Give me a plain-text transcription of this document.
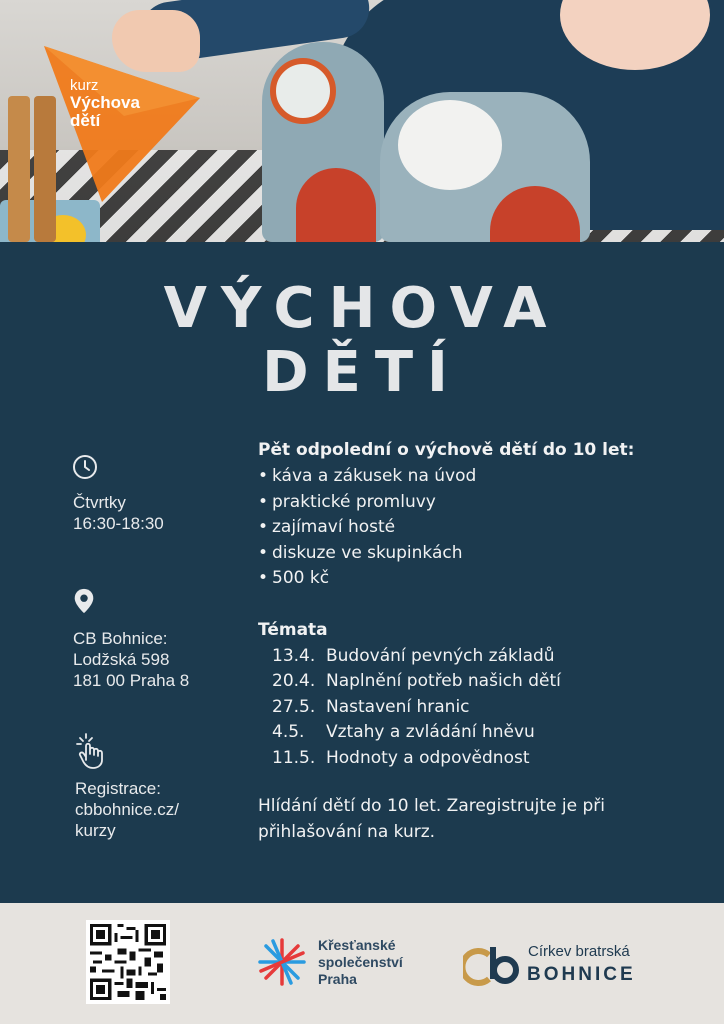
kurz
Výchova
dětí
VÝCHOVA
DĚTÍ
Čtvrtky
16:30-18:30
CB Bohnice:
Lodžská 598
181 00 Praha 8
Registrace:
cbbohnice.cz/
kurzy
Pět odpolední o výchově dětí do 10 let:
• káva a zákusek na úvod
• praktické promluvy
• zajímaví hosté
• diskuze ve skupinkách
• 500 kč
Témata
13.4. Budování pevných základů
20.4. Naplnění potřeb našich dětí
27.5. Nastavení hranic
4.5.	Vztahy a zvládání hněvu
11.5. Hodnoty a odpovědnost
Hlídání dětí do 10 let. Zaregistrujte je při přihlašování na kurz.
Křesťanské
společenství
Praha
Církev bratrská
BOHNICE
